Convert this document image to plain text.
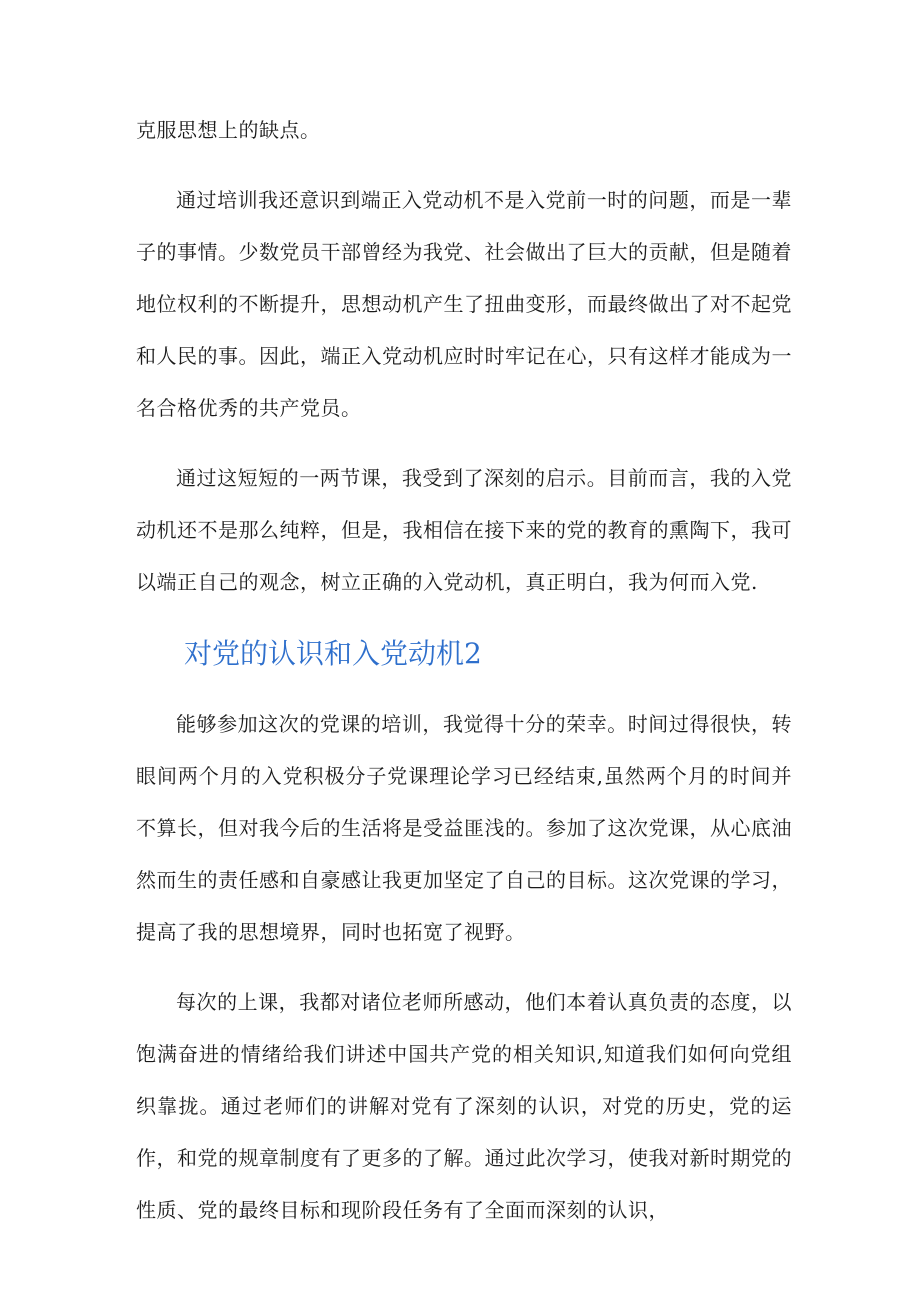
克服思想上的缺点。

通过培训我还意识到端正入党动机不是入党前一时的问题，而是一辈子的事情。少数党员干部曾经为我党、社会做出了巨大的贡献，但是随着地位权利的不断提升，思想动机产生了扭曲变形，而最终做出了对不起党和人民的事。因此，端正入党动机应时时牢记在心，只有这样才能成为一名合格优秀的共产党员。

通过这短短的一两节课，我受到了深刻的启示。目前而言，我的入党动机还不是那么纯粹，但是，我相信在接下来的党的教育的熏陶下，我可以端正自己的观念，树立正确的入党动机，真正明白，我为何而入党.

对党的认识和入党动机2

能够参加这次的党课的培训，我觉得十分的荣幸。时间过得很快，转眼间两个月的入党积极分子党课理论学习已经结束,虽然两个月的时间并不算长，但对我今后的生活将是受益匪浅的。参加了这次党课，从心底油然而生的责任感和自豪感让我更加坚定了自己的目标。这次党课的学习，提高了我的思想境界，同时也拓宽了视野。

每次的上课，我都对诸位老师所感动，他们本着认真负责的态度，以饱满奋进的情绪给我们讲述中国共产党的相关知识,知道我们如何向党组织靠拢。通过老师们的讲解对党有了深刻的认识，对党的历史，党的运作，和党的规章制度有了更多的了解。通过此次学习，使我对新时期党的性质、党的最终目标和现阶段任务有了全面而深刻的认识，
